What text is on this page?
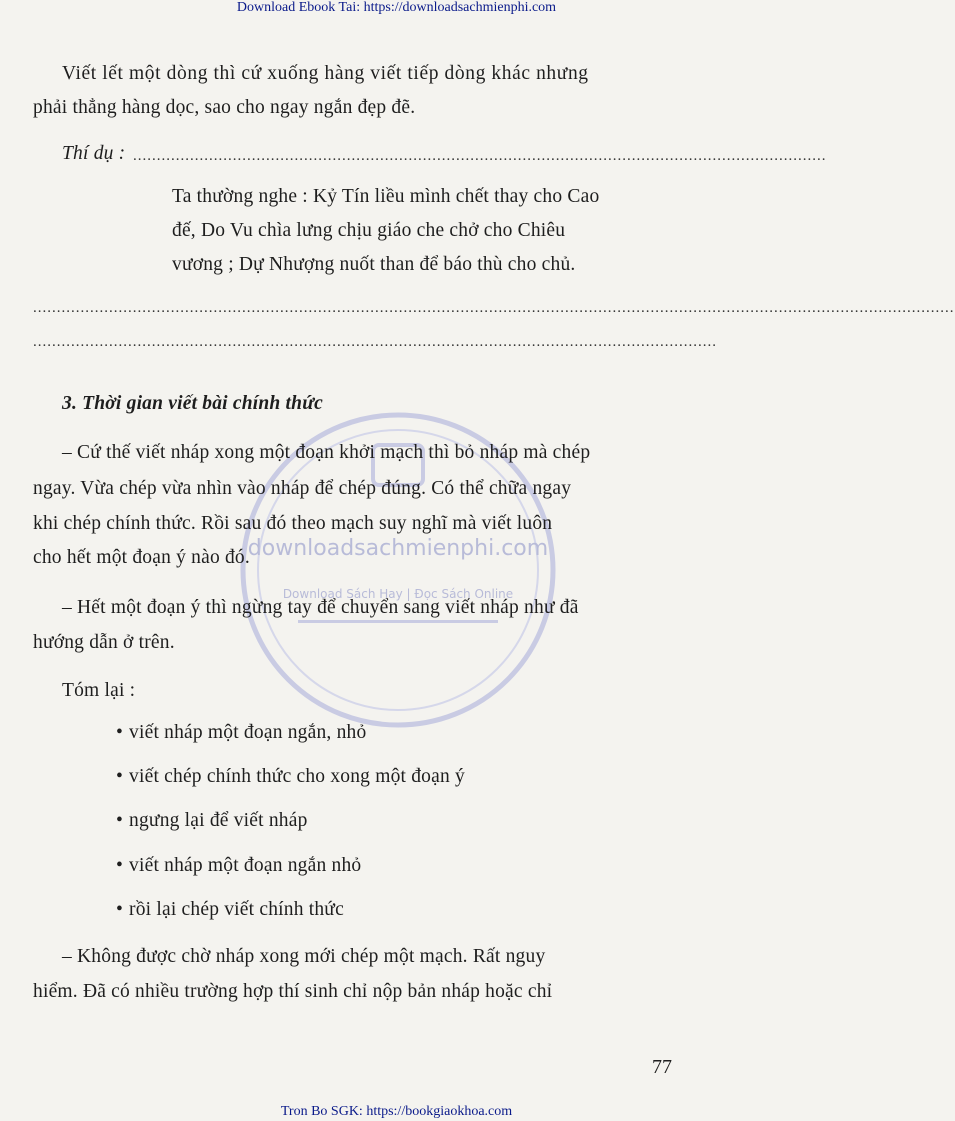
Download Ebook Tai: https://downloadsachmienphi.com
downloadsachmienphi.com
Download Sách Hay | Đọc Sách Online
Viết lết một dòng thì cứ xuống hàng viết tiếp dòng khác nhưng
phải thẳng hàng dọc, sao cho ngay ngắn đẹp đẽ.
Thí dụ : ..................................................................................................................................................
Ta thường nghe : Kỷ Tín liều mình chết thay cho Cao
đế, Do Vu chìa lưng chịu giáo che chở cho Chiêu
vương ; Dự Nhượng nuốt than để báo thù cho chủ.
..................................................................................................................................................................................................
................................................................................................................................................
3. Thời gian viết bài chính thức
– Cứ thế viết nháp xong một đoạn khởi mạch thì bỏ nháp mà chép
ngay. Vừa chép vừa nhìn vào nháp để chép đúng. Có thể chữa ngay
khi chép chính thức. Rồi sau đó theo mạch suy nghĩ mà viết luôn
cho hết một đoạn ý nào đó.
– Hết một đoạn ý thì ngừng tay để chuyển sang viết nháp như đã
hướng dẫn ở trên.
Tóm lại :
• viết nháp một đoạn ngắn, nhỏ
• viết chép chính thức cho xong một đoạn ý
• ngưng lại để viết nháp
• viết nháp một đoạn ngắn nhỏ
• rồi lại chép viết chính thức
– Không được chờ nháp xong mới chép một mạch. Rất nguy
hiểm. Đã có nhiều trường hợp thí sinh chỉ nộp bản nháp hoặc chỉ
77
Tron Bo SGK: https://bookgiaokhoa.com
